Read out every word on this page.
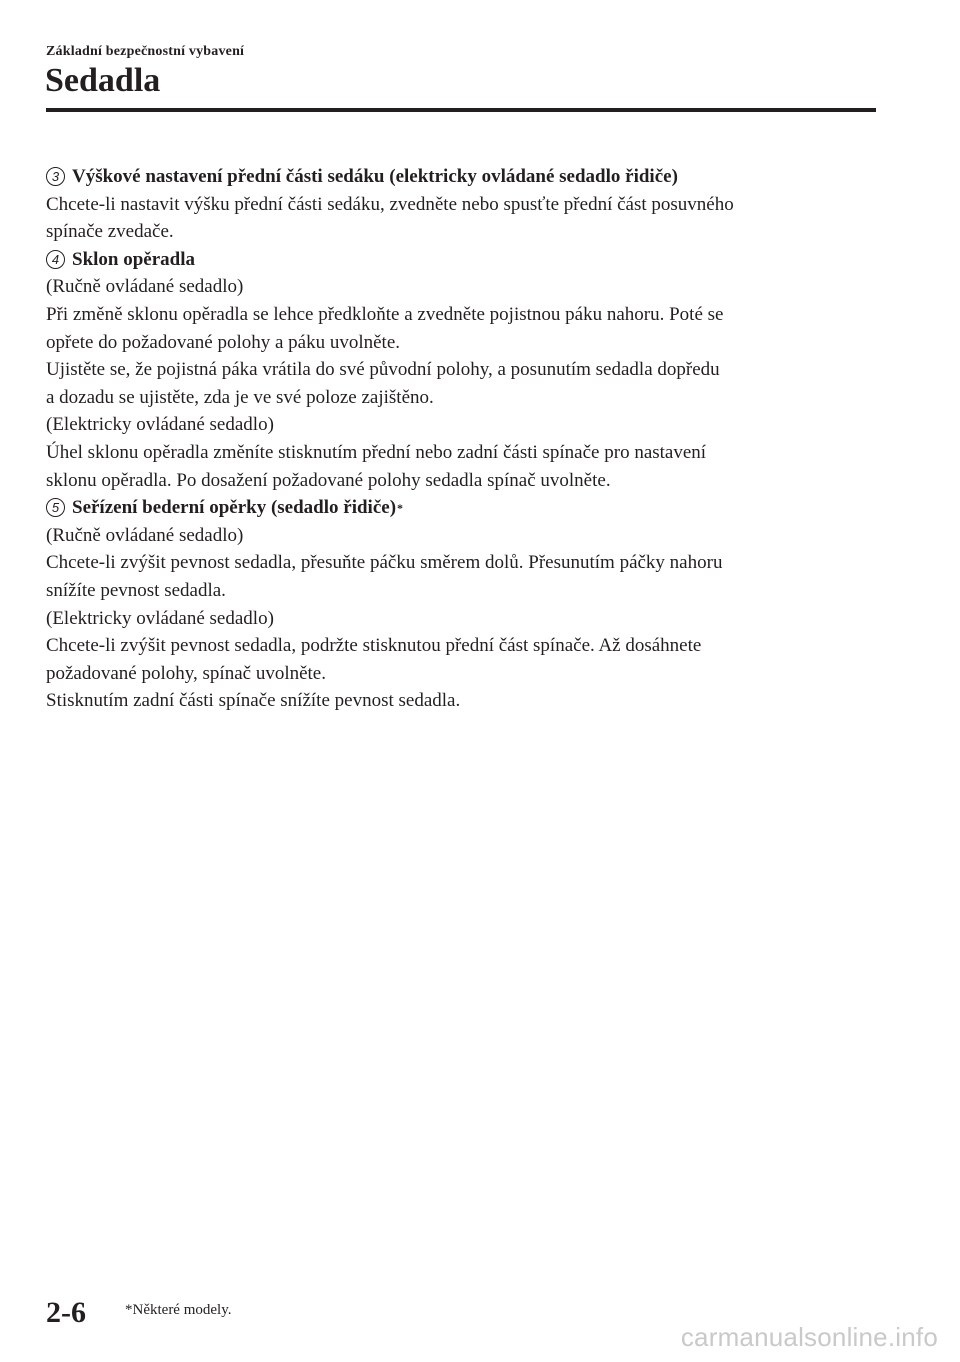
Základní bezpečnostní vybavení
Sedadla

3 Výškové nastavení přední části sedáku (elektricky ovládané sedadlo řidiče)

Chcete-li nastavit výšku přední části sedáku, zvedněte nebo spusťte přední část posuvného

spínače zvedače.

4 Sklon opěradla

(Ručně ovládané sedadlo)

Při změně sklonu opěradla se lehce předkloňte a zvedněte pojistnou páku nahoru. Poté se

opřete do požadované polohy a páku uvolněte.

Ujistěte se, že pojistná páka vrátila do své původní polohy, a posunutím sedadla dopředu

a dozadu se ujistěte, zda je ve své poloze zajištěno.

(Elektricky ovládané sedadlo)

Úhel sklonu opěradla změníte stisknutím přední nebo zadní části spínače pro nastavení

sklonu opěradla. Po dosažení požadované polohy sedadla spínač uvolněte.

5 Seřízení bederní opěrky (sedadlo řidiče) *

(Ručně ovládané sedadlo)

Chcete-li zvýšit pevnost sedadla, přesuňte páčku směrem dolů. Přesunutím páčky nahoru

snížíte pevnost sedadla.

(Elektricky ovládané sedadlo)

Chcete-li zvýšit pevnost sedadla, podržte stisknutou přední část spínače. Až dosáhnete

požadované polohy, spínač uvolněte.

Stisknutím zadní části spínače snížíte pevnost sedadla.

2-6	*Některé modely.
carmanualsonline.info
